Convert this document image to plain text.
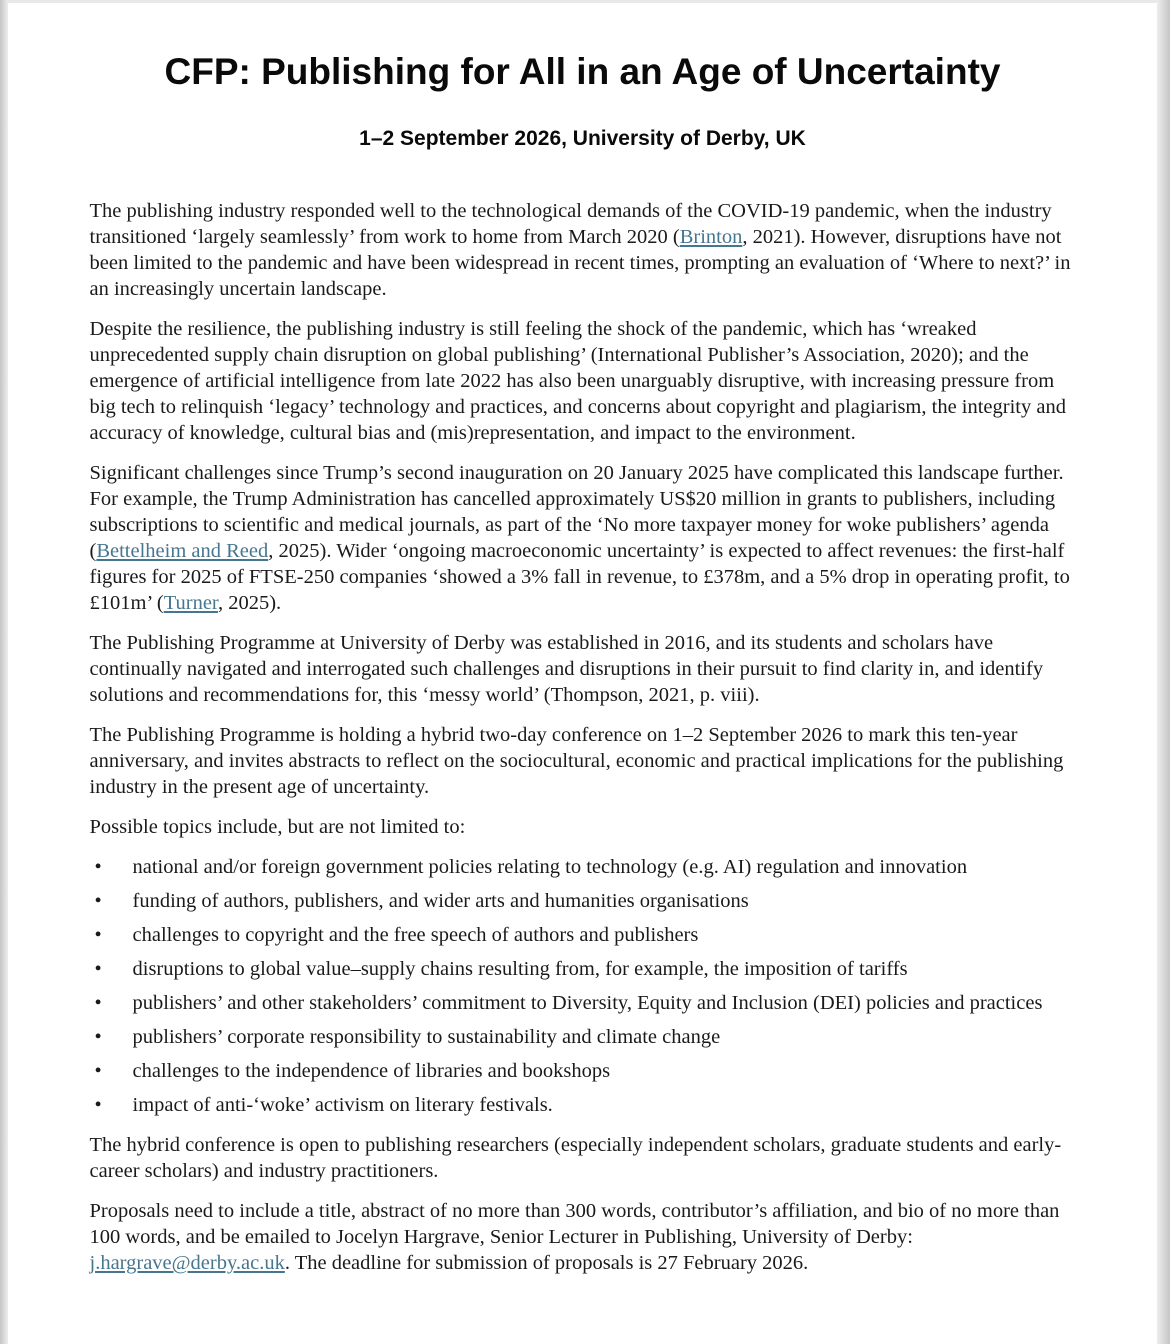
CFP: Publishing for All in an Age of Uncertainty
1–2 September 2026, University of Derby, UK

The publishing industry responded well to the technological demands of the COVID-19 pandemic, when the industry transitioned ‘largely seamlessly’ from work to home from March 2020 (Brinton, 2021). However, disruptions have not been limited to the pandemic and have been widespread in recent times, prompting an evaluation of ‘Where to next?’ in an increasingly uncertain landscape.

Despite the resilience, the publishing industry is still feeling the shock of the pandemic, which has ‘wreaked unprecedented supply chain disruption on global publishing’ (International Publisher’s Association, 2020); and the emergence of artificial intelligence from late 2022 has also been unarguably disruptive, with increasing pressure from big tech to relinquish ‘legacy’ technology and practices, and concerns about copyright and plagiarism, the integrity and accuracy of knowledge, cultural bias and (mis)representation, and impact to the environment.

Significant challenges since Trump’s second inauguration on 20 January 2025 have complicated this landscape further. For example, the Trump Administration has cancelled approximately US$20 million in grants to publishers, including subscriptions to scientific and medical journals, as part of the ‘No more taxpayer money for woke publishers’ agenda (Bettelheim and Reed, 2025). Wider ‘ongoing macroeconomic uncertainty’ is expected to affect revenues: the first-half figures for 2025 of FTSE-250 companies ‘showed a 3% fall in revenue, to £378m, and a 5% drop in operating profit, to £101m’ (Turner, 2025).

The Publishing Programme at University of Derby was established in 2016, and its students and scholars have continually navigated and interrogated such challenges and disruptions in their pursuit to find clarity in, and identify solutions and recommendations for, this ‘messy world’ (Thompson, 2021, p. viii).

The Publishing Programme is holding a hybrid two-day conference on 1–2 September 2026 to mark this ten-year anniversary, and invites abstracts to reflect on the sociocultural, economic and practical implications for the publishing industry in the present age of uncertainty.

Possible topics include, but are not limited to:

• national and/or foreign government policies relating to technology (e.g. AI) regulation and innovation
• funding of authors, publishers, and wider arts and humanities organisations
• challenges to copyright and the free speech of authors and publishers
• disruptions to global value–supply chains resulting from, for example, the imposition of tariffs
• publishers’ and other stakeholders’ commitment to Diversity, Equity and Inclusion (DEI) policies and practices
• publishers’ corporate responsibility to sustainability and climate change
• challenges to the independence of libraries and bookshops
• impact of anti-‘woke’ activism on literary festivals.

The hybrid conference is open to publishing researchers (especially independent scholars, graduate students and early-career scholars) and industry practitioners.

Proposals need to include a title, abstract of no more than 300 words, contributor’s affiliation, and bio of no more than 100 words, and be emailed to Jocelyn Hargrave, Senior Lecturer in Publishing, University of Derby: j.hargrave@derby.ac.uk. The deadline for submission of proposals is 27 February 2026.
